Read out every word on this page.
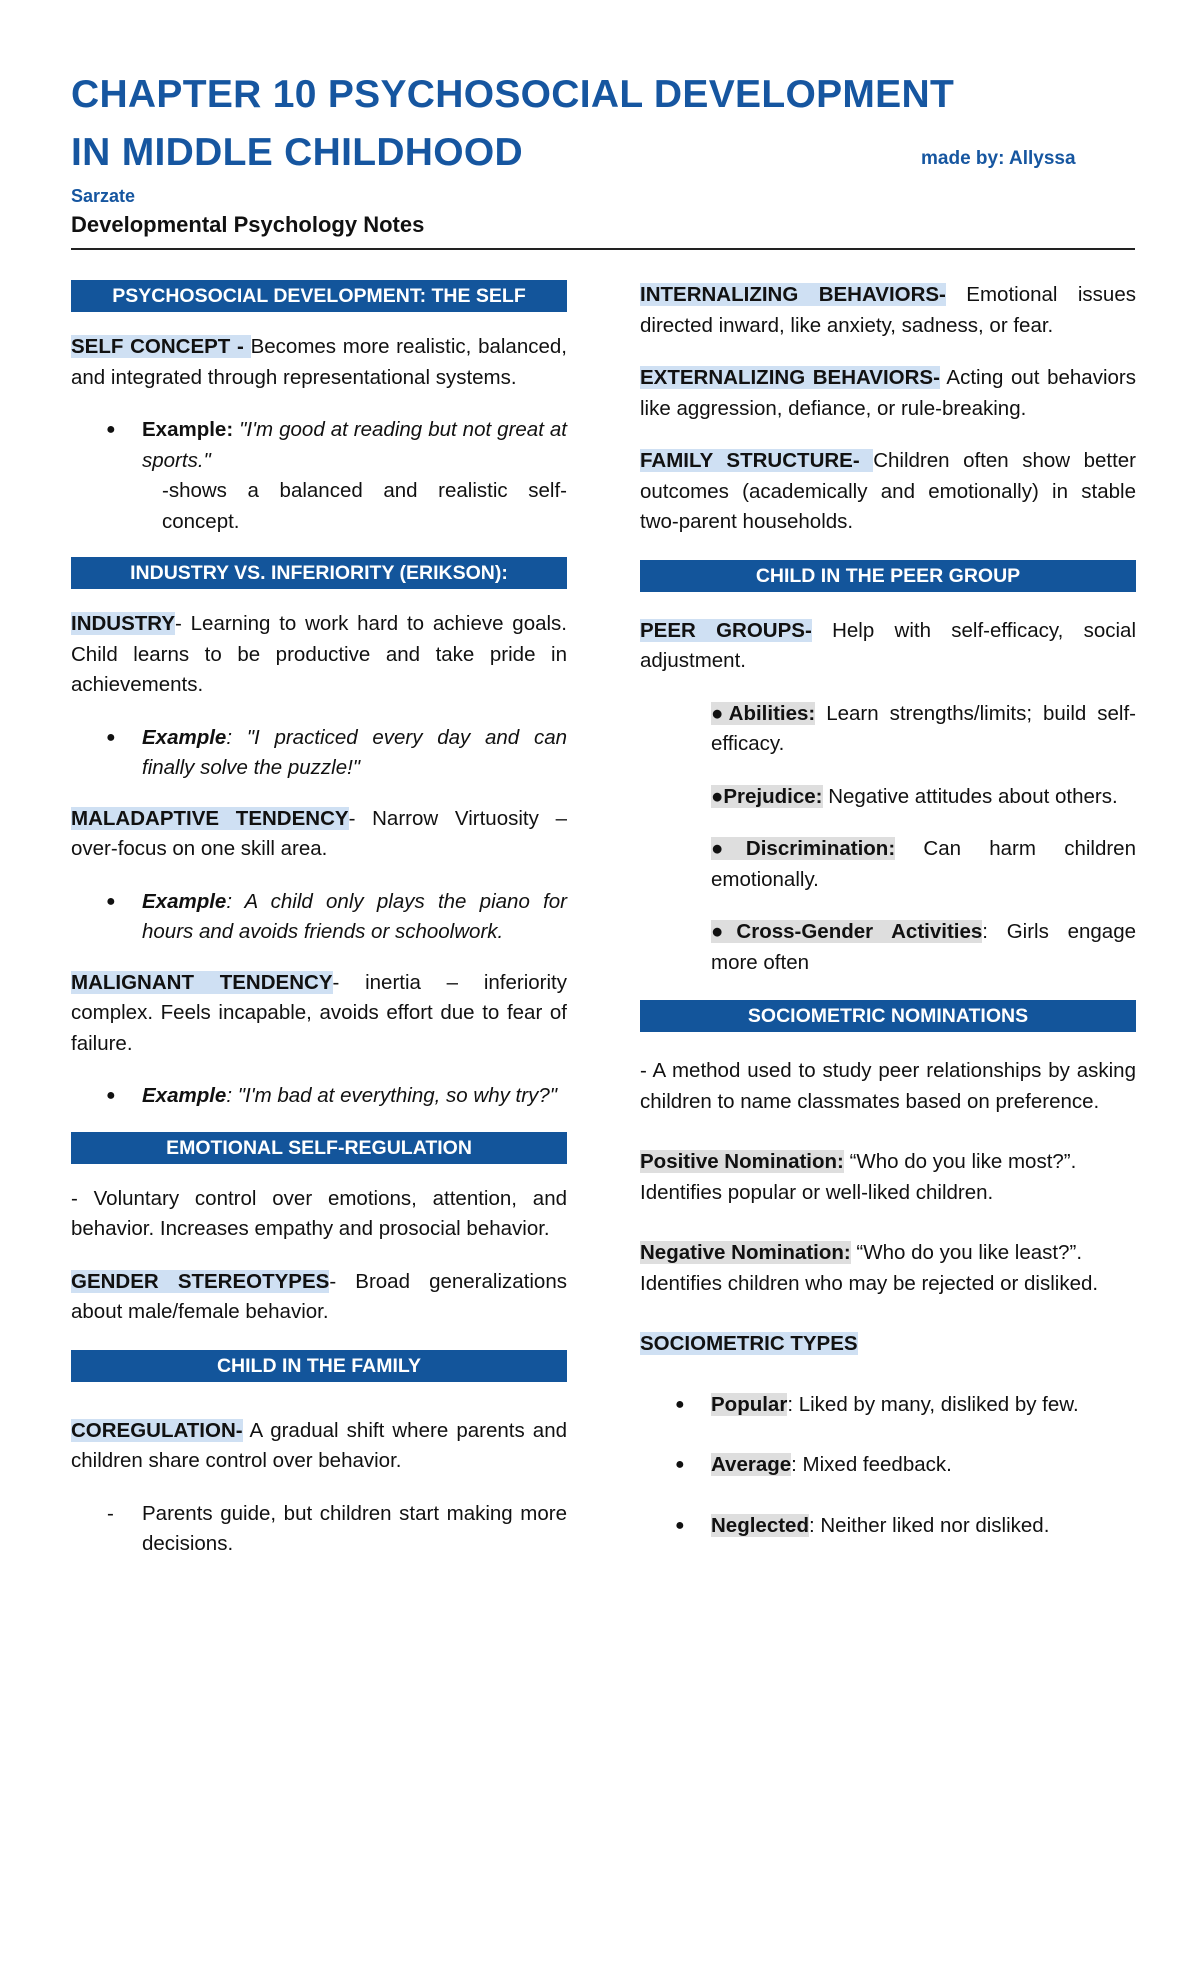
CHAPTER 10 PSYCHOSOCIAL DEVELOPMENT IN MIDDLE CHILDHOOD	made by: Allyssa
Sarzate
Developmental Psychology Notes
PSYCHOSOCIAL DEVELOPMENT: THE SELF

SELF CONCEPT - Becomes more realistic, balanced, and integrated through representational systems.

● Example: "I'm good at reading but not great at sports."
-shows a balanced and realistic self-concept.
INDUSTRY VS. INFERIORITY (ERIKSON):

INDUSTRY- Learning to work hard to achieve goals. Child learns to be productive and take pride in achievements.

● Example: "I practiced every day and can finally solve the puzzle!"

MALADAPTIVE TENDENCY- Narrow Virtuosity – over-focus on one skill area.

● Example: A child only plays the piano for hours and avoids friends or schoolwork.

MALIGNANT TENDENCY- inertia – inferiority complex. Feels incapable, avoids effort due to fear of failure.

● Example: "I'm bad at everything, so why try?"
EMOTIONAL SELF-REGULATION

- Voluntary control over emotions, attention, and behavior. Increases empathy and prosocial behavior.

GENDER STEREOTYPES- Broad generalizations about male/female behavior.

CHILD IN THE FAMILY

COREGULATION- A gradual shift where parents and children share control over behavior.

- Parents guide, but children start making more decisions.

INTERNALIZING BEHAVIORS- Emotional issues directed inward, like anxiety, sadness, or fear.

EXTERNALIZING BEHAVIORS- Acting out behaviors like aggression, defiance, or rule-breaking.

FAMILY STRUCTURE- Children often show better outcomes (academically and emotionally) in stable two-parent households.

CHILD IN THE PEER GROUP

PEER GROUPS- Help with self-efficacy, social adjustment.

●Abilities: Learn strengths/limits; build self-efficacy.

●Prejudice: Negative attitudes about others.

●Discrimination: Can harm children emotionally.

●Cross-Gender Activities: Girls engage more often

SOCIOMETRIC NOMINATIONS

- A method used to study peer relationships by asking children to name classmates based on preference.

Positive Nomination: “Who do you like most?”. Identifies popular or well-liked children.

Negative Nomination: “Who do you like least?”. Identifies children who may be rejected or disliked.

SOCIOMETRIC TYPES

● Popular: Liked by many, disliked by few.
● Average: Mixed feedback.
● Neglected: Neither liked nor disliked.
